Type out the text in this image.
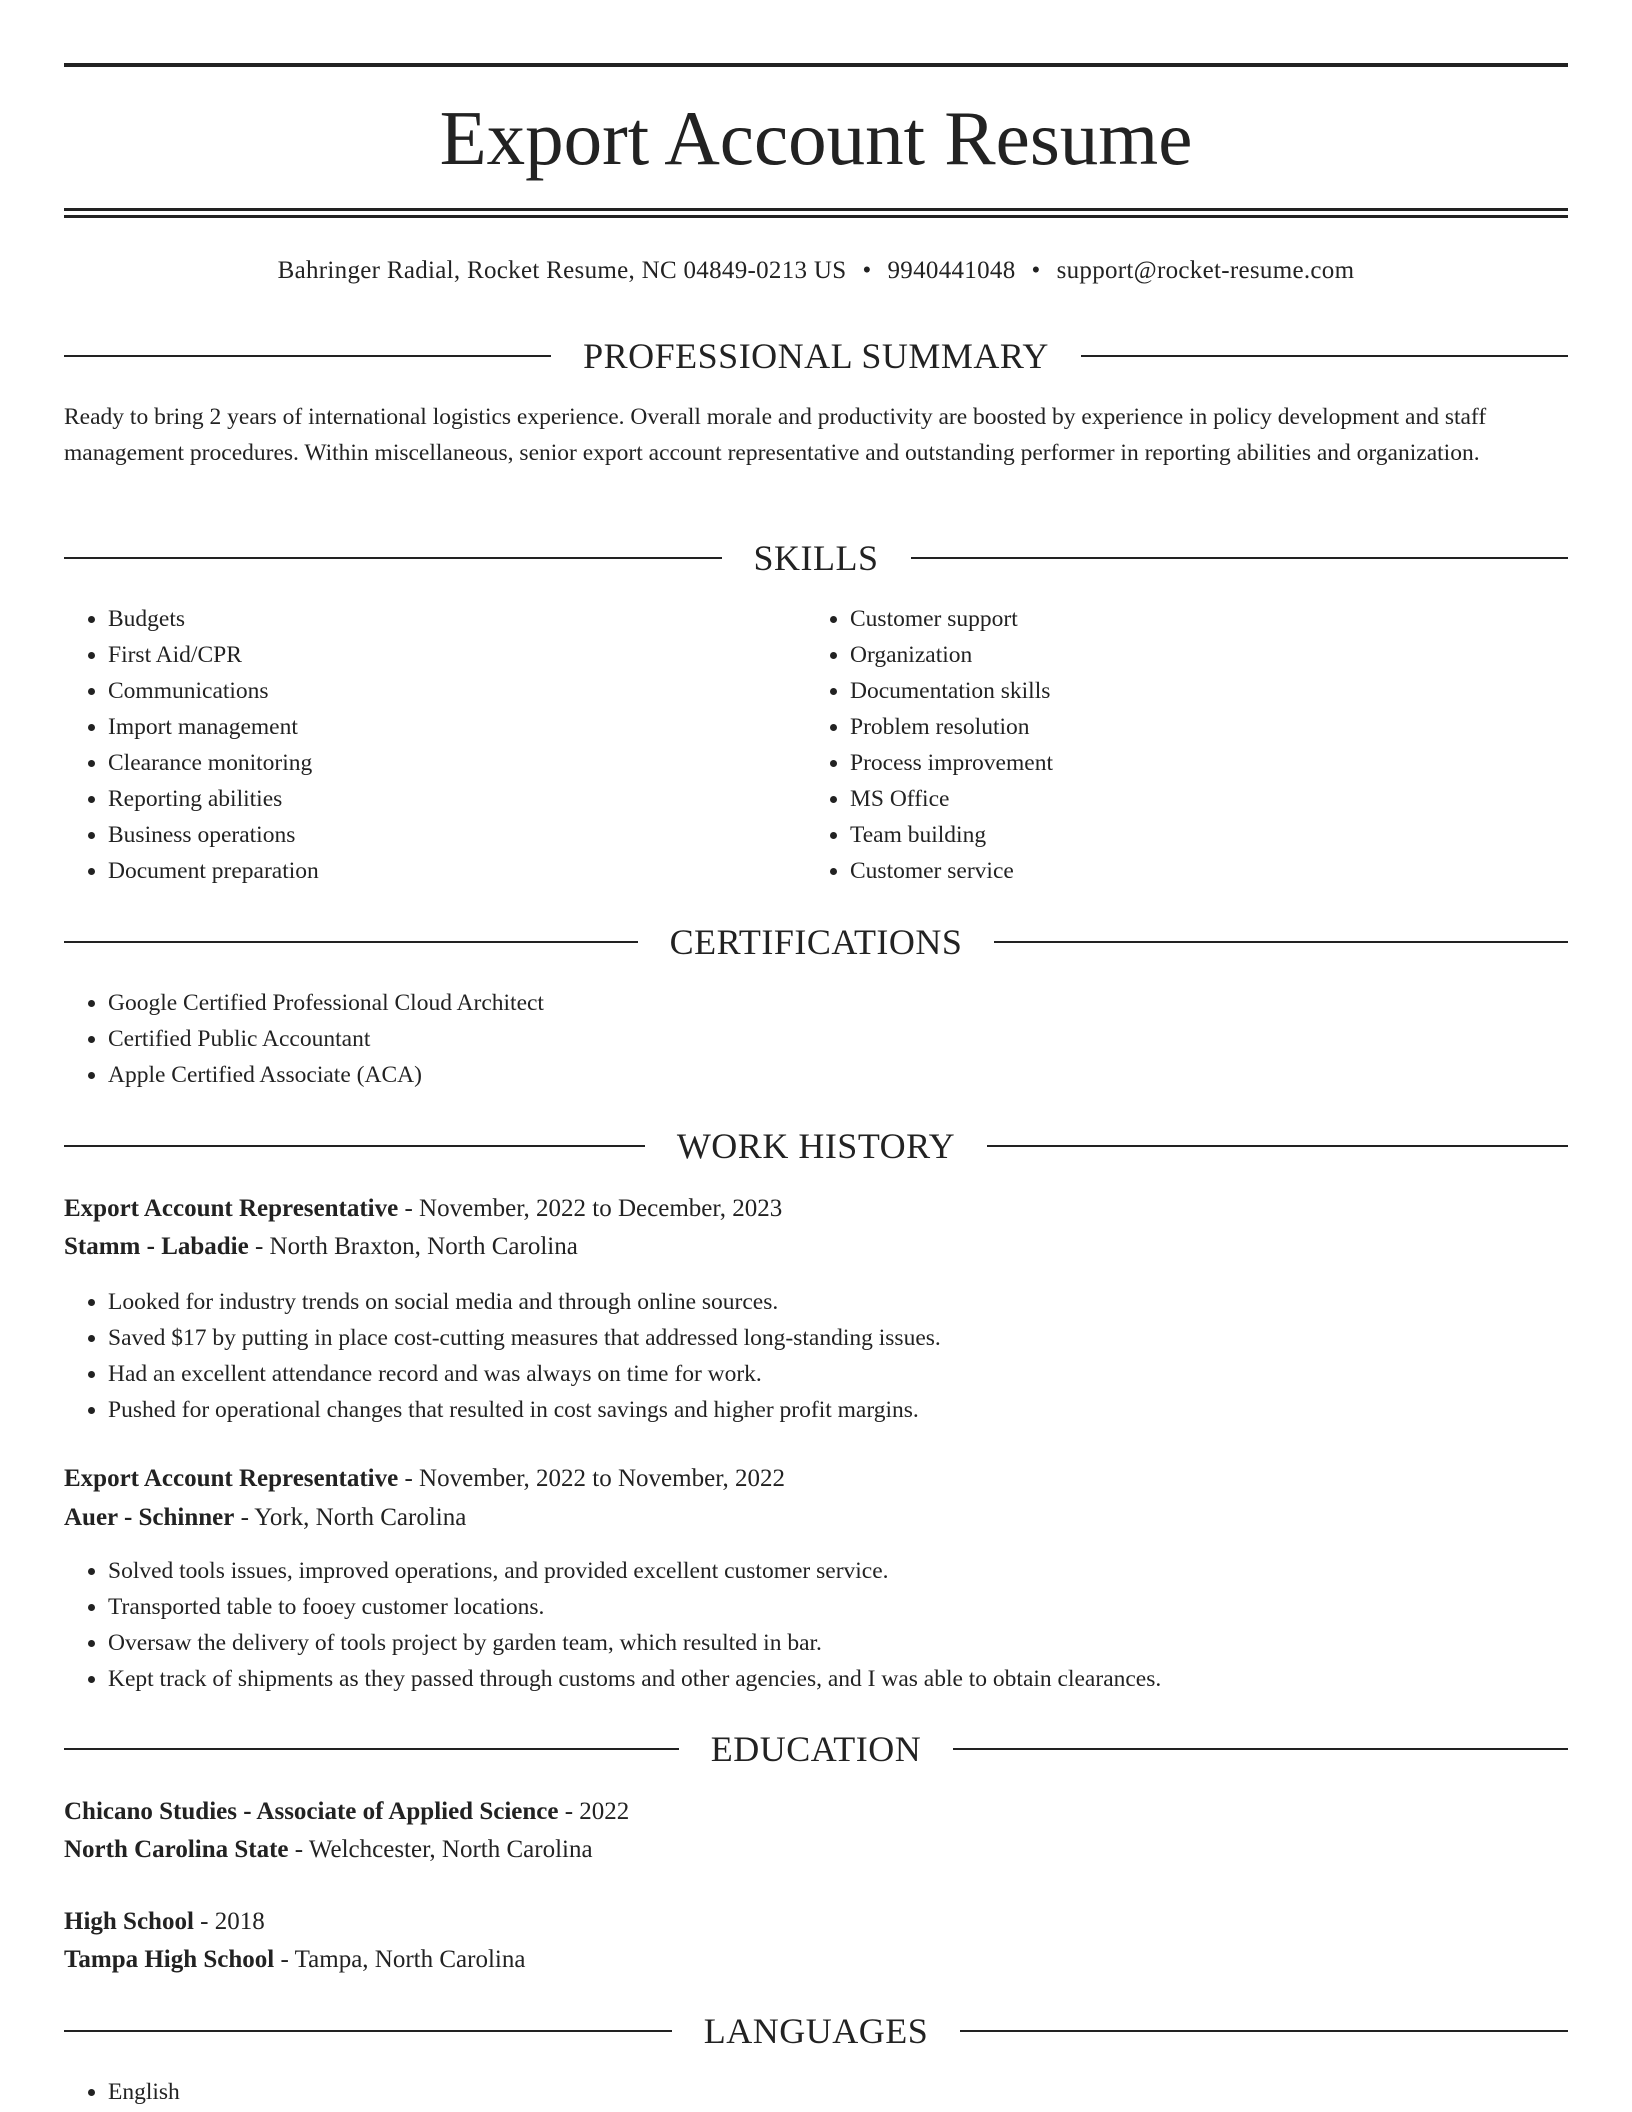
Export Account Resume
Bahringer Radial, Rocket Resume, NC 04849-0213 US • 9940441048 • support@rocket-resume.com
PROFESSIONAL SUMMARY

Ready to bring 2 years of international logistics experience. Overall morale and productivity are boosted by experience in policy development and staff management procedures. Within miscellaneous, senior export account representative and outstanding performer in reporting abilities and organization.

SKILLS
• Budgets
• First Aid/CPR
• Communications
• Import management
• Clearance monitoring
• Reporting abilities
• Business operations
• Document preparation
• Customer support
• Organization
• Documentation skills
• Problem resolution
• Process improvement
• MS Office
• Team building
• Customer service
CERTIFICATIONS
• Google Certified Professional Cloud Architect
• Certified Public Accountant
• Apple Certified Associate (ACA)
WORK HISTORY
Export Account Representative - November, 2022 to December, 2023
Stamm - Labadie - North Braxton, North Carolina
• Looked for industry trends on social media and through online sources.
• Saved $17 by putting in place cost-cutting measures that addressed long-standing issues.
• Had an excellent attendance record and was always on time for work.
• Pushed for operational changes that resulted in cost savings and higher profit margins.
Export Account Representative - November, 2022 to November, 2022
Auer - Schinner - York, North Carolina
• Solved tools issues, improved operations, and provided excellent customer service.
• Transported table to fooey customer locations.
• Oversaw the delivery of tools project by garden team, which resulted in bar.
• Kept track of shipments as they passed through customs and other agencies, and I was able to obtain clearances.
EDUCATION
Chicano Studies - Associate of Applied Science - 2022
North Carolina State - Welchcester, North Carolina
High School - 2018
Tampa High School - Tampa, North Carolina
LANGUAGES
• English
